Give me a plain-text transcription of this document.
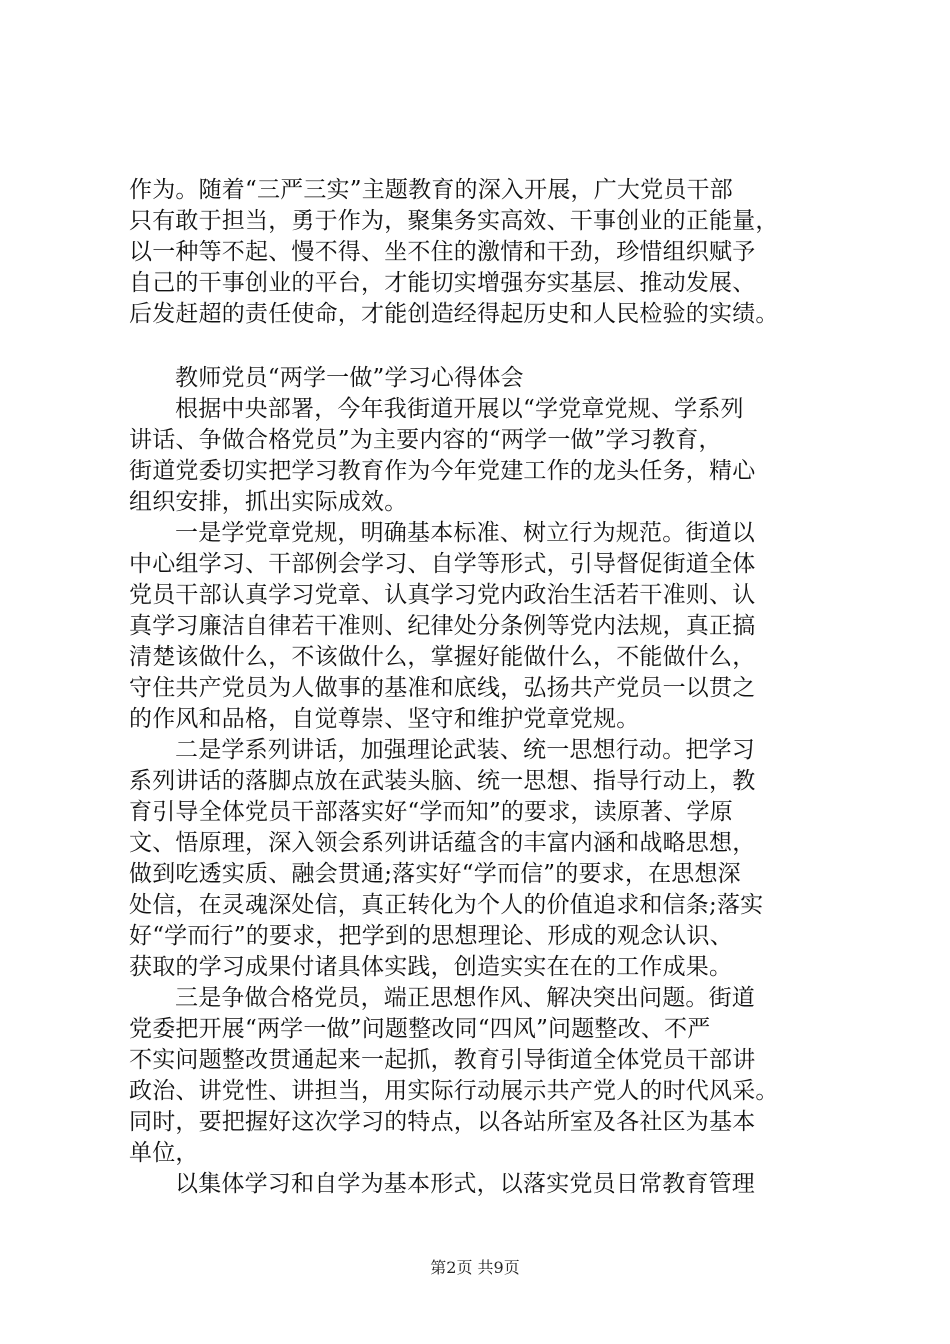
作为。随着“三严三实”主题教育的深入开展，广大党员干部
只有敢于担当，勇于作为，聚集务实高效、干事创业的正能量，
以一种等不起、慢不得、坐不住的激情和干劲，珍惜组织赋予
自己的干事创业的平台，才能切实增强夯实基层、推动发展、
后发赶超的责任使命，才能创造经得起历史和人民检验的实绩。
教师党员“两学一做”学习心得体会
根据中央部署，今年我街道开展以“学党章党规、学系列
讲话、争做合格党员”为主要内容的“两学一做”学习教育，
街道党委切实把学习教育作为今年党建工作的龙头任务，精心
组织安排，抓出实际成效。
一是学党章党规，明确基本标准、树立行为规范。街道以
中心组学习、干部例会学习、自学等形式，引导督促街道全体
党员干部认真学习党章、认真学习党内政治生活若干准则、认
真学习廉洁自律若干准则、纪律处分条例等党内法规，真正搞
清楚该做什么，不该做什么，掌握好能做什么，不能做什么，
守住共产党员为人做事的基准和底线，弘扬共产党员一以贯之
的作风和品格，自觉尊崇、坚守和维护党章党规。
二是学系列讲话，加强理论武装、统一思想行动。把学习
系列讲话的落脚点放在武装头脑、统一思想、指导行动上，教
育引导全体党员干部落实好“学而知”的要求，读原著、学原
文、悟原理，深入领会系列讲话蕴含的丰富内涵和战略思想，
做到吃透实质、融会贯通;落实好“学而信”的要求，在思想深
处信，在灵魂深处信，真正转化为个人的价值追求和信条;落实
好“学而行”的要求，把学到的思想理论、形成的观念认识、
获取的学习成果付诸具体实践，创造实实在在的工作成果。
三是争做合格党员，端正思想作风、解决突出问题。街道
党委把开展“两学一做”问题整改同“四风”问题整改、不严
不实问题整改贯通起来一起抓，教育引导街道全体党员干部讲
政治、讲党性、讲担当，用实际行动展示共产党人的时代风采。
同时，要把握好这次学习的特点，以各站所室及各社区为基本
单位，
以集体学习和自学为基本形式，以落实党员日常教育管理
第2页 共9页
